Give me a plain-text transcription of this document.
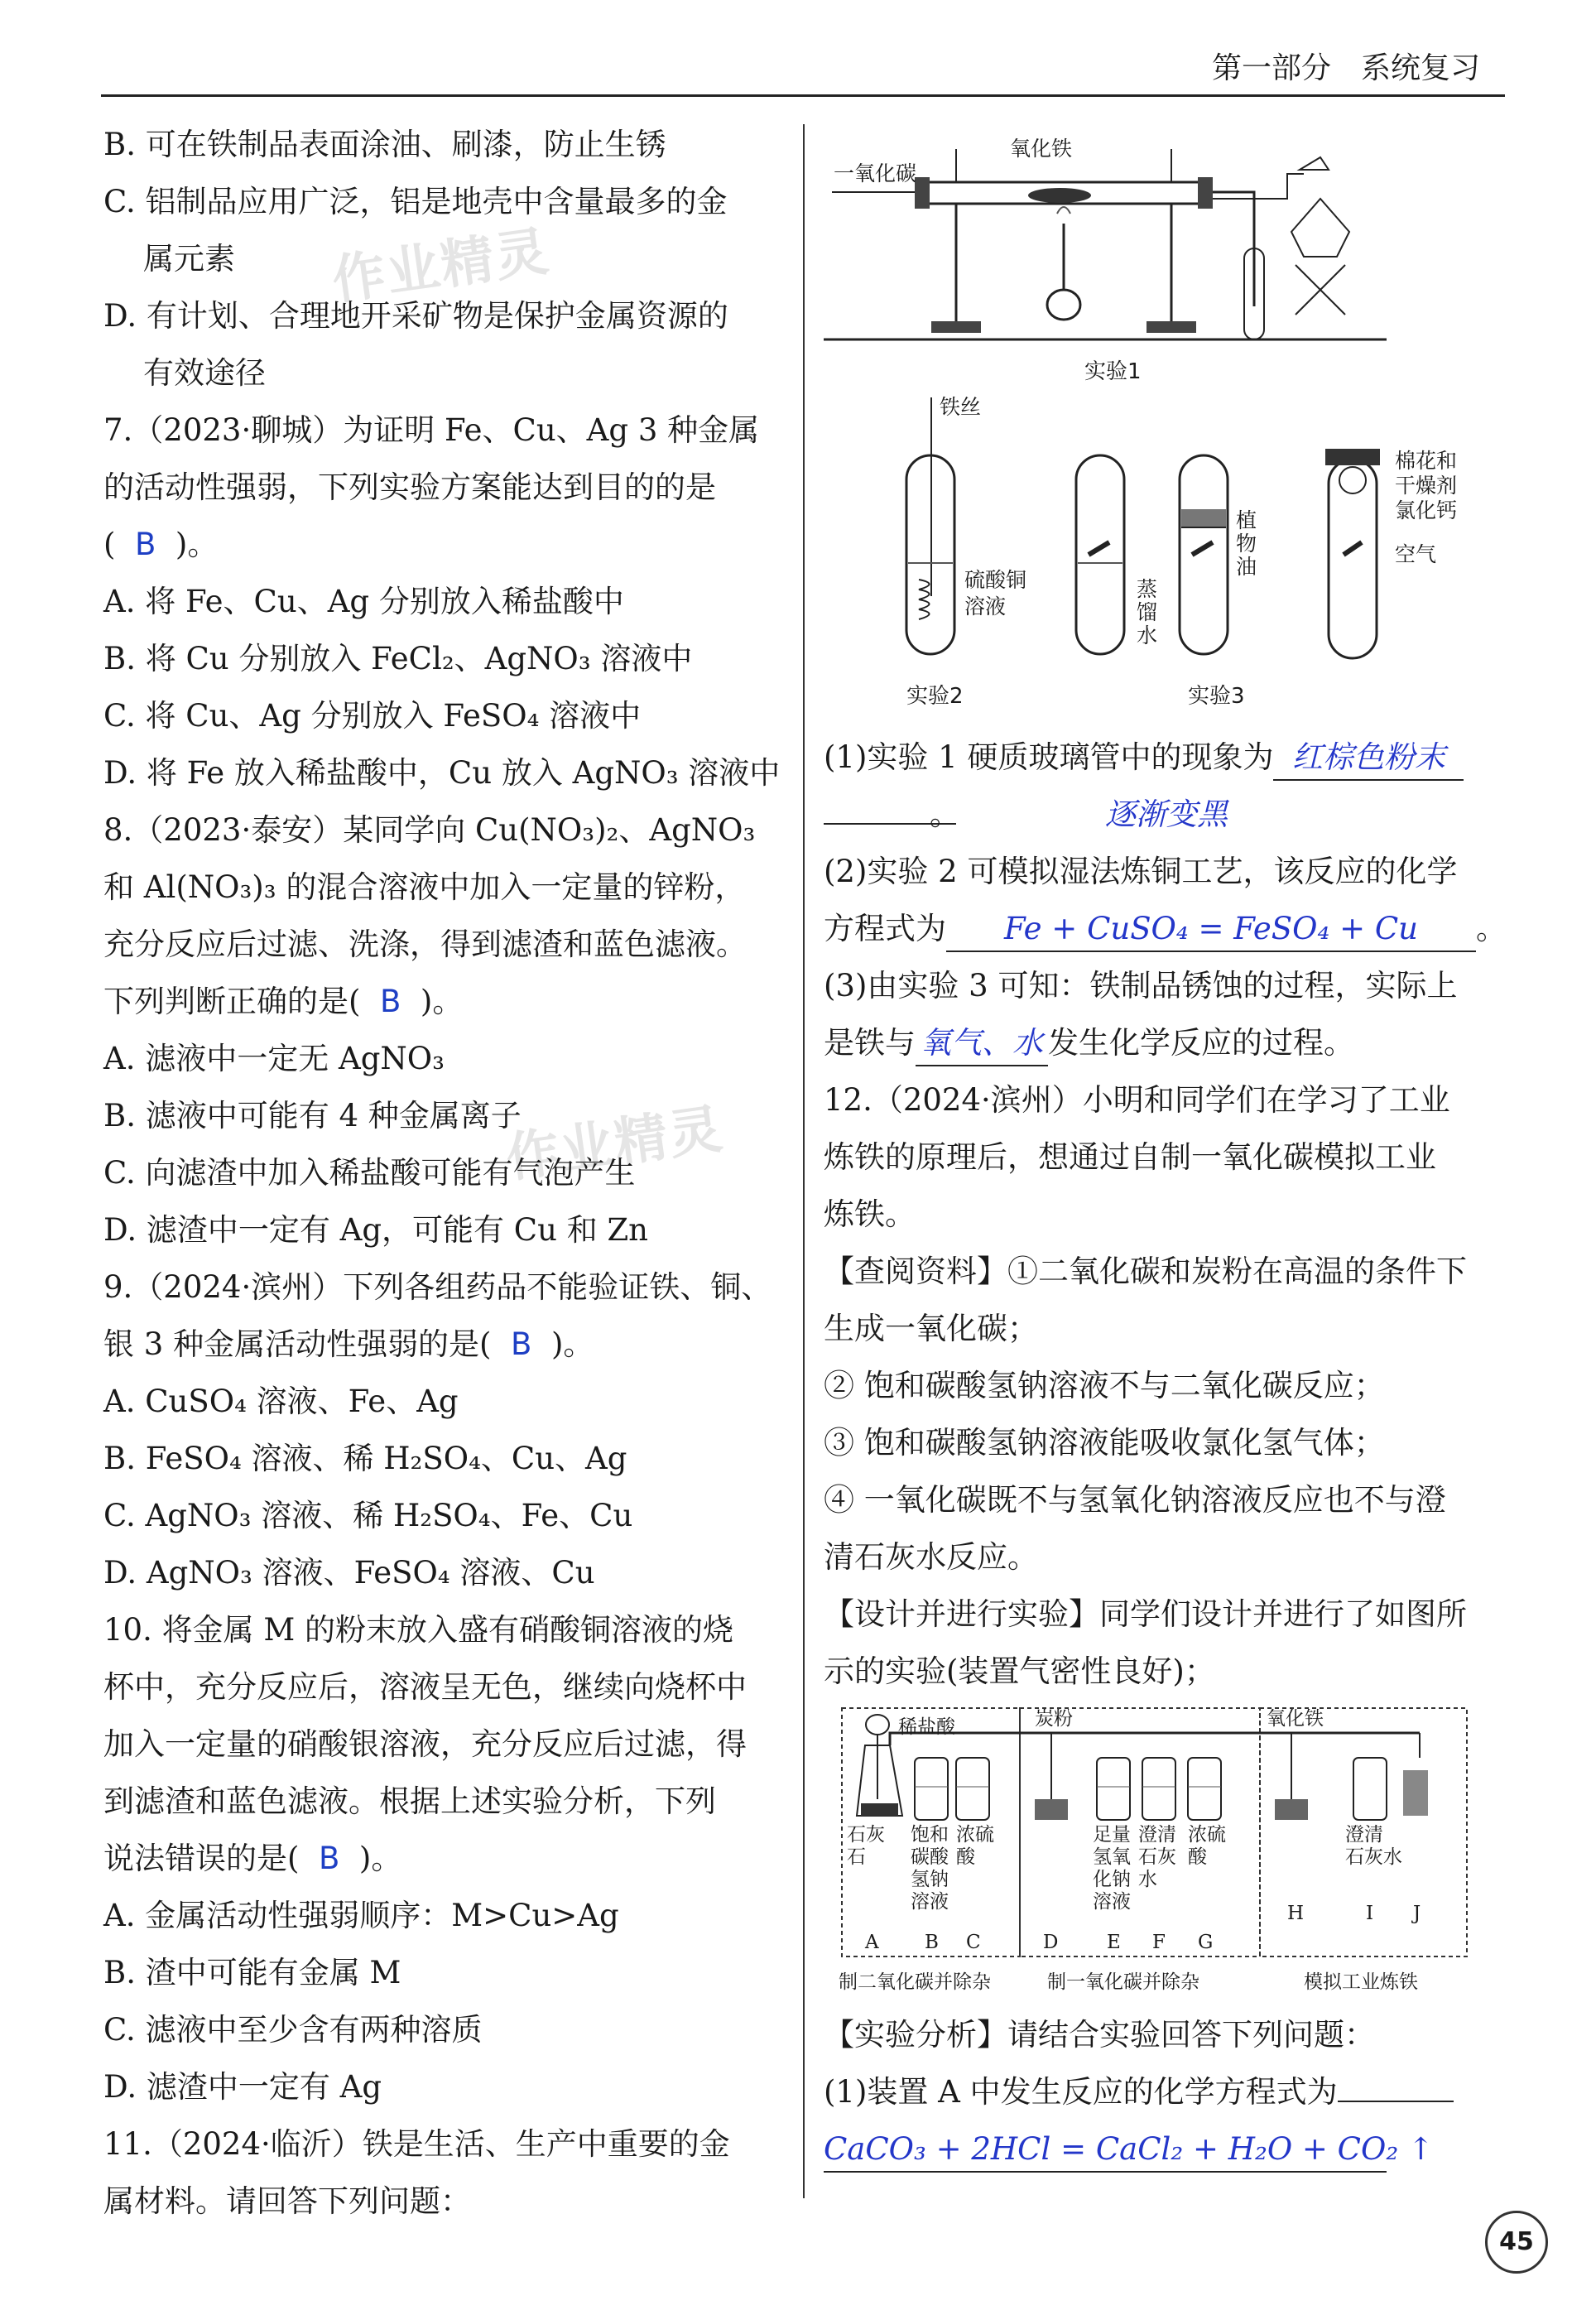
第一部分　系统复习
作业精灵
作业精灵
B. 可在铁制品表面涂油、刷漆，防止生锈
C. 铝制品应用广泛，铝是地壳中含量最多的金
属元素
D. 有计划、合理地开采矿物是保护金属资源的
有效途径
7.（2023·聊城）为证明 Fe、Cu、Ag 3 种金属
的活动性强弱，下列实验方案能达到目的的是
(  B  )。
A. 将 Fe、Cu、Ag 分别放入稀盐酸中
B. 将 Cu 分别放入 FeCl₂、AgNO₃ 溶液中
C. 将 Cu、Ag 分别放入 FeSO₄ 溶液中
D. 将 Fe 放入稀盐酸中，Cu 放入 AgNO₃ 溶液中
8.（2023·泰安）某同学向 Cu(NO₃)₂、AgNO₃
和 Al(NO₃)₃ 的混合溶液中加入一定量的锌粉，
充分反应后过滤、洗涤，得到滤渣和蓝色滤液。
下列判断正确的是( B  )。
A. 滤液中一定无 AgNO₃
B. 滤液中可能有 4 种金属离子
C. 向滤渣中加入稀盐酸可能有气泡产生
D. 滤渣中一定有 Ag，可能有 Cu 和 Zn
9.（2024·滨州）下列各组药品不能验证铁、铜、
银 3 种金属活动性强弱的是( B  )。
A. CuSO₄ 溶液、Fe、Ag
B. FeSO₄ 溶液、稀 H₂SO₄、Cu、Ag
C. AgNO₃ 溶液、稀 H₂SO₄、Fe、Cu
D. AgNO₃ 溶液、FeSO₄ 溶液、Cu
10. 将金属 M 的粉末放入盛有硝酸铜溶液的烧
杯中，充分反应后，溶液呈无色，继续向烧杯中
加入一定量的硝酸银溶液，充分反应后过滤，得
到滤渣和蓝色滤液。根据上述实验分析，下列
说法错误的是( B  )。
A. 金属活动性强弱顺序：M>Cu>Ag
B. 渣中可能有金属 M
C. 滤液中至少含有两种溶质
D. 滤渣中一定有 Ag
11.（2024·临沂）铁是生活、生产中重要的金
属材料。请回答下列问题：
一氧化碳
氧化铁
实验1
铁丝
硫酸铜
溶液
实验2
植
物
油
蒸
馏
水
棉花和
干燥剂
氯化钙
空气
实验3
(1)实验 1 硬质玻璃管中的现象为 红棕色粉末
逐渐变黑。
(2)实验 2 可模拟湿法炼铜工艺，该反应的化学
方程式为 Fe + CuSO₄ = FeSO₄ + Cu 。
(3)由实验 3 可知：铁制品锈蚀的过程，实际上
是铁与 氧气、水 发生化学反应的过程。
12.（2024·滨州）小明和同学们在学习了工业
炼铁的原理后，想通过自制一氧化碳模拟工业
炼铁。
【查阅资料】①二氧化碳和炭粉在高温的条件下
生成一氧化碳；
② 饱和碳酸氢钠溶液不与二氧化碳反应；
③ 饱和碳酸氢钠溶液能吸收氯化氢气体；
④ 一氧化碳既不与氢氧化钠溶液反应也不与澄
清石灰水反应。
【设计并进行实验】同学们设计并进行了如图所
示的实验(装置气密性良好)；
稀盐酸	炭粉	氧化铁
石灰
石
饱和
碳酸
氢钠
溶液
浓硫
酸
足量
氢氧
化钠
溶液
澄清
石灰
水
浓硫
酸
澄清
石灰水
A B C	D	E F G
H	I J
制二氧化碳并除杂	制一氧化碳并除杂	模拟工业炼铁
【实验分析】请结合实验回答下列问题：
(1)装置 A 中发生反应的化学方程式为
CaCO₃ + 2HCl = CaCl₂ + H₂O + CO₂ ↑
45
